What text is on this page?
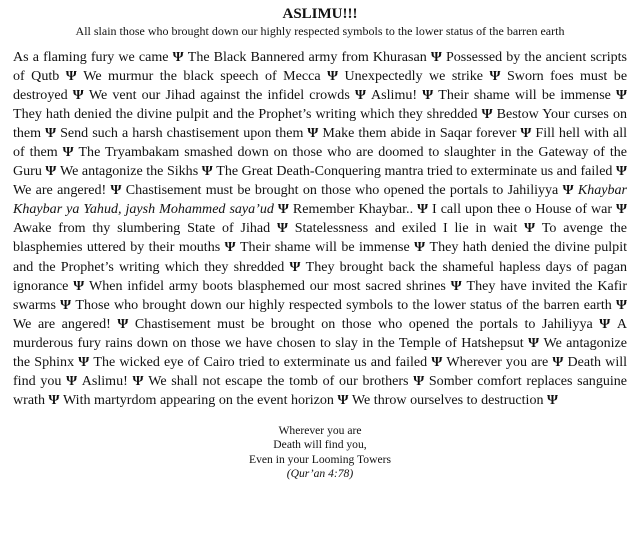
ASLIMU!!!

All slain those who brought down our highly respected symbols to the lower status of the barren earth

As a flaming fury we came Ψ The Black Bannered army from Khurasan Ψ Possessed by the ancient scripts of Qutb Ψ We murmur the black speech of Mecca Ψ Unexpectedly we strike Ψ Sworn foes must be destroyed Ψ We vent our Jihad against the infidel crowds Ψ Aslimu! Ψ Their shame will be immense Ψ They hath denied the divine pulpit and the Prophet’s writing which they shredded Ψ Bestow Your curses on them Ψ Send such a harsh chastisement upon them Ψ Make them abide in Saqar forever Ψ Fill hell with all of them Ψ The Tryambakam smashed down on those who are doomed to slaughter in the Gateway of the Guru Ψ We antagonize the Sikhs Ψ The Great Death-Conquering mantra tried to exterminate us and failed Ψ We are angered! Ψ Chastisement must be brought on those who opened the portals to Jahiliyya Ψ Khaybar Khaybar ya Yahud, jaysh Mohammed saya’ud Ψ Remember Khaybar.. Ψ I call upon thee o House of war Ψ Awake from thy slumbering State of Jihad Ψ Statelessness and exiled I lie in wait Ψ To avenge the blasphemies uttered by their mouths Ψ Their shame will be immense Ψ They hath denied the divine pulpit and the Prophet’s writing which they shredded Ψ They brought back the shameful hapless days of pagan ignorance Ψ When infidel army boots blasphemed our most sacred shrines Ψ They have invited the Kafir swarms Ψ Those who brought down our highly respected symbols to the lower status of the barren earth Ψ We are angered! Ψ Chastisement must be brought on those who opened the portals to Jahiliyya Ψ A murderous fury rains down on those we have chosen to slay in the Temple of Hatshepsut Ψ We antagonize the Sphinx Ψ The wicked eye of Cairo tried to exterminate us and failed Ψ Wherever you are Ψ Death will find you Ψ Aslimu! Ψ We shall not escape the tomb of our brothers Ψ Somber comfort replaces sanguine wrath Ψ With martyrdom appearing on the event horizon Ψ We throw ourselves to destruction Ψ

Wherever you are
Death will find you,
Even in your Looming Towers
(Qur’an 4:78)
